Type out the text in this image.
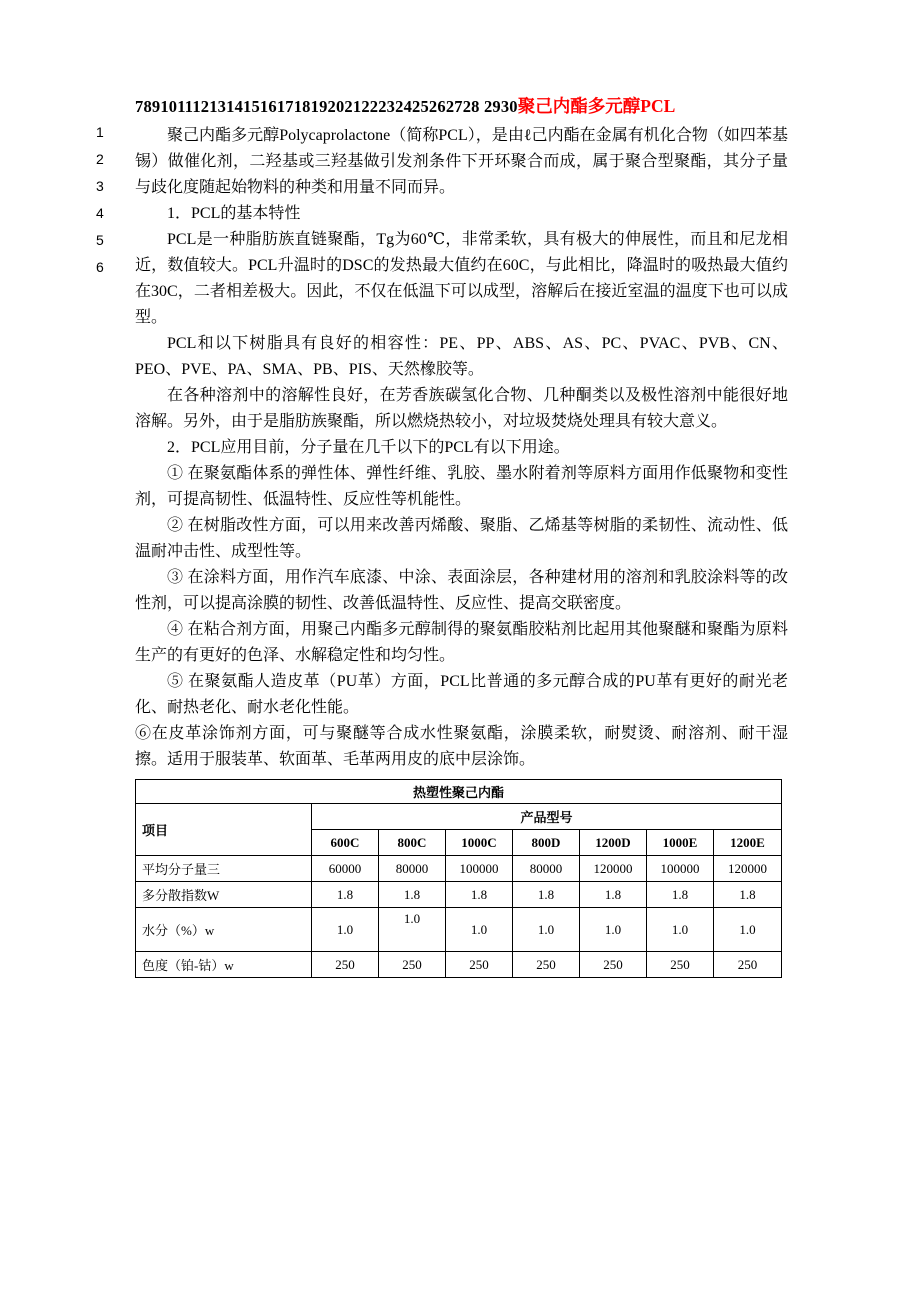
1
2
3
4
5
6
78910111213141516171819202122232425262728 2930聚己内酯多元醇PCL

聚己内酯多元醇Polycaprolactone（简称PCL），是由ℓ己内酯在金属有机化合物（如四苯基锡）做催化剂，二羟基或三羟基做引发剂条件下开环聚合而成，属于聚合型聚酯，其分子量与歧化度随起始物料的种类和用量不同而异。

1．PCL的基本特性

PCL是一种脂肪族直链聚酯，Tg为60℃，非常柔软，具有极大的伸展性，而且和尼龙相近，数值较大。PCL升温时的DSC的发热最大值约在60C，与此相比，降温时的吸热最大值约在30C，二者相差极大。因此，不仅在低温下可以成型，溶解后在接近室温的温度下也可以成型。

PCL和以下树脂具有良好的相容性：PE、PP、ABS、AS、PC、PVAC、PVB、CN、PEO、PVE、PA、SMA、PB、PIS、天然橡胶等。

在各种溶剂中的溶解性良好，在芳香族碳氢化合物、几种酮类以及极性溶剂中能很好地溶解。另外，由于是脂肪族聚酯，所以燃烧热较小，对垃圾焚烧处理具有较大意义。

2．PCL应用目前，分子量在几千以下的PCL有以下用途。

① 在聚氨酯体系的弹性体、弹性纤维、乳胶、墨水附着剂等原料方面用作低聚物和变性剂，可提高韧性、低温特性、反应性等机能性。

② 在树脂改性方面，可以用来改善丙烯酸、聚脂、乙烯基等树脂的柔韧性、流动性、低温耐冲击性、成型性等。

③ 在涂料方面，用作汽车底漆、中涂、表面涂层，各种建材用的溶剂和乳胶涂料等的改性剂，可以提高涂膜的韧性、改善低温特性、反应性、提高交联密度。

④ 在粘合剂方面，用聚己内酯多元醇制得的聚氨酯胶粘剂比起用其他聚醚和聚酯为原料生产的有更好的色泽、水解稳定性和均匀性。

⑤ 在聚氨酯人造皮革（PU革）方面，PCL比普通的多元醇合成的PU革有更好的耐光老化、耐热老化、耐水老化性能。

⑥在皮革涂饰剂方面，可与聚醚等合成水性聚氨酯，涂膜柔软，耐熨烫、耐溶剂、耐干湿擦。适用于服装革、软面革、毛革两用皮的底中层涂饰。

热塑性聚己内酯							
项目	产品型号						
	600C	800C	1000C	800D	1200D	1000E	1200E
平均分子量三	60000	80000	100000	80000	120000	100000	120000
多分散指数W	1.8	1.8	1.8	1.8	1.8	1.8	1.8
水分（%）w	1.0	1.0	1.0	1.0	1.0	1.0	1.0
色度（铂-钴）w	250	250	250	250	250	250	250
